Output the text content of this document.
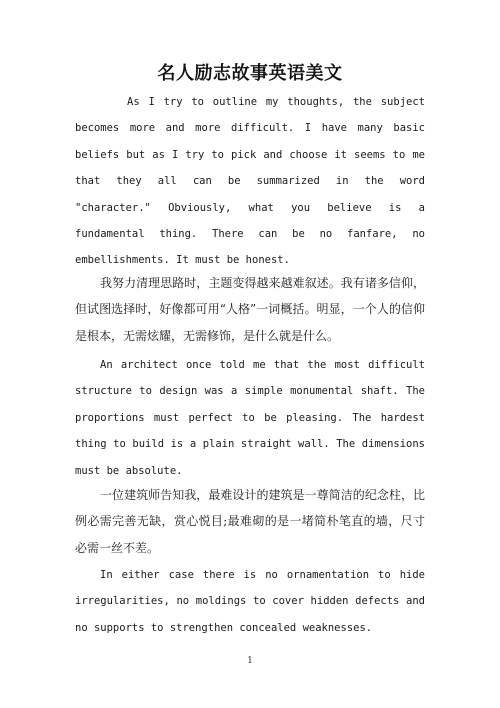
名人励志故事英语美文

As I try to outline my thoughts, the subject becomes more and more difficult. I have many basic beliefs but as I try to pick and choose it seems to me that they all can be summarized in the word "character." Obviously, what you believe is a fundamental thing. There can be no fanfare, no embellishments. It must be honest.

我努力清理思路时，主题变得越来越难叙述。我有诸多信仰，但试图选择时，好像都可用“人格”一词概括。明显，一个人的信仰是根本，无需炫耀，无需修饰，是什么就是什么。

An architect once told me that the most difficult structure to design was a simple monumental shaft. The proportions must perfect to be pleasing. The hardest thing to build is a plain straight wall. The dimensions must be absolute.

一位建筑师告知我，最难设计的建筑是一尊简洁的纪念柱，比例必需完善无缺，赏心悦目;最难砌的是一堵简朴笔直的墙，尺寸必需一丝不差。

In either case there is no ornamentation to hide irregularities, no moldings to cover hidden defects and no supports to strengthen concealed weaknesses.

1
